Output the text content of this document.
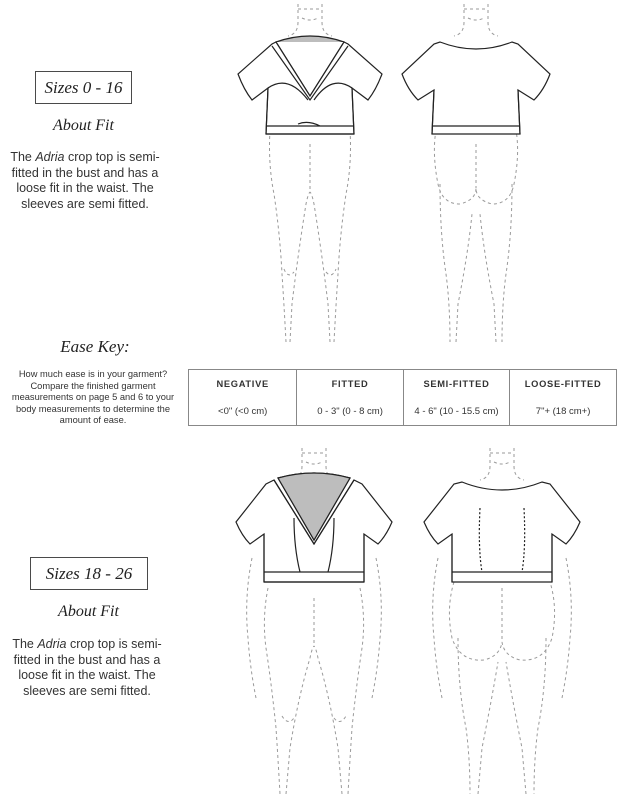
Sizes 0 - 16
About Fit
The Adria crop top is semi-fitted in the bust and has a loose fit in the waist. The sleeves are semi fitted.
Ease Key:
How much ease is in your garment? Compare the finished garment measurements on page 5 and 6 to your body measurements to determine the amount of ease.
NEGATIVE	FITTED	SEMI-FITTED	LOOSE-FITTED
<0" (<0 cm)	0 - 3" (0 - 8 cm)	4 - 6" (10 - 15.5 cm)	7"+ (18 cm+)
Sizes 18 - 26
About Fit
The Adria crop top is semi-fitted in the bust and has a loose fit in the waist. The sleeves are semi fitted.
